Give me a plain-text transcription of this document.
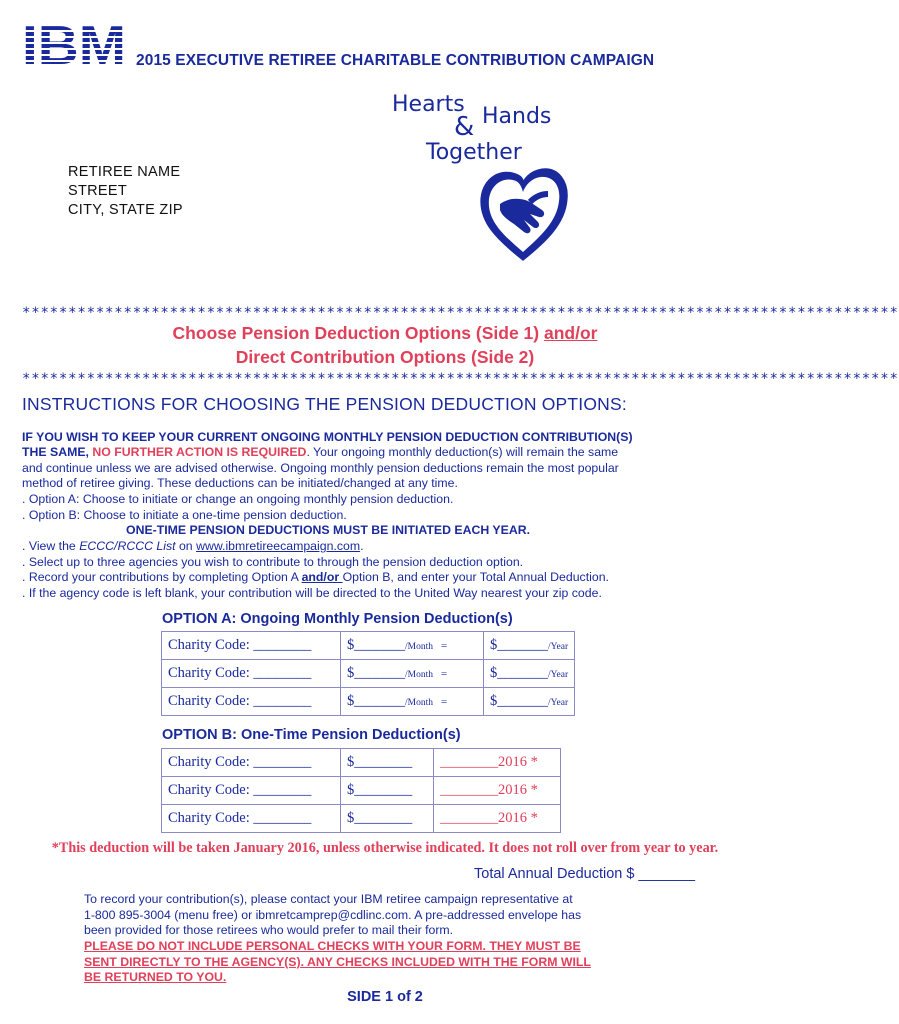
2015 EXECUTIVE RETIREE CHARITABLE CONTRIBUTION CAMPAIGN
Hearts
& Hands
Together
RETIREE NAME
STREET
CITY, STATE ZIP
***********************************************************************************************
Choose Pension Deduction Options (Side 1) and/or
Direct Contribution Options (Side 2)
***********************************************************************************************
INSTRUCTIONS FOR CHOOSING THE PENSION DEDUCTION OPTIONS:
IF YOU WISH TO KEEP YOUR CURRENT ONGOING MONTHLY PENSION DEDUCTION CONTRIBUTION(S)
THE SAME, NO FURTHER ACTION IS REQUIRED. Your ongoing monthly deduction(s) will remain the same
and continue unless we are advised otherwise. Ongoing monthly pension deductions remain the most popular
method of retiree giving. These deductions can be initiated/changed at any time.
. Option A: Choose to initiate or change an ongoing monthly pension deduction.
. Option B: Choose to initiate a one-time pension deduction.
ONE-TIME PENSION DEDUCTIONS MUST BE INITIATED EACH YEAR.
. View the ECCC/RCCC List on www.ibmretireecampaign.com.
. Select up to three agencies you wish to contribute to through the pension deduction option.
. Record your contributions by completing Option A and/or Option B, and enter your Total Annual Deduction.
. If the agency code is left blank, your contribution will be directed to the United Way nearest your zip code.
OPTION A: Ongoing Monthly Pension Deduction(s)
Charity Code: ________	$_______/Month =	$_______/Year
Charity Code: ________	$_______/Month =	$_______/Year
Charity Code: ________	$_______/Month =	$_______/Year
OPTION B: One-Time Pension Deduction(s)
Charity Code: ________	$________	________2016 *
Charity Code: ________	$________	________2016 *
Charity Code: ________	$________	________2016 *
*This deduction will be taken January 2016, unless otherwise indicated. It does not roll over from year to year.
Total Annual Deduction $ _______
To record your contribution(s), please contact your IBM retiree campaign representative at
1-800 895-3004 (menu free) or ibmretcamprep@cdlinc.com. A pre-addressed envelope has
been provided for those retirees who would prefer to mail their form.
PLEASE DO NOT INCLUDE PERSONAL CHECKS WITH YOUR FORM. THEY MUST BE
SENT DIRECTLY TO THE AGENCY(S). ANY CHECKS INCLUDED WITH THE FORM WILL
BE RETURNED TO YOU.
SIDE 1 of 2
